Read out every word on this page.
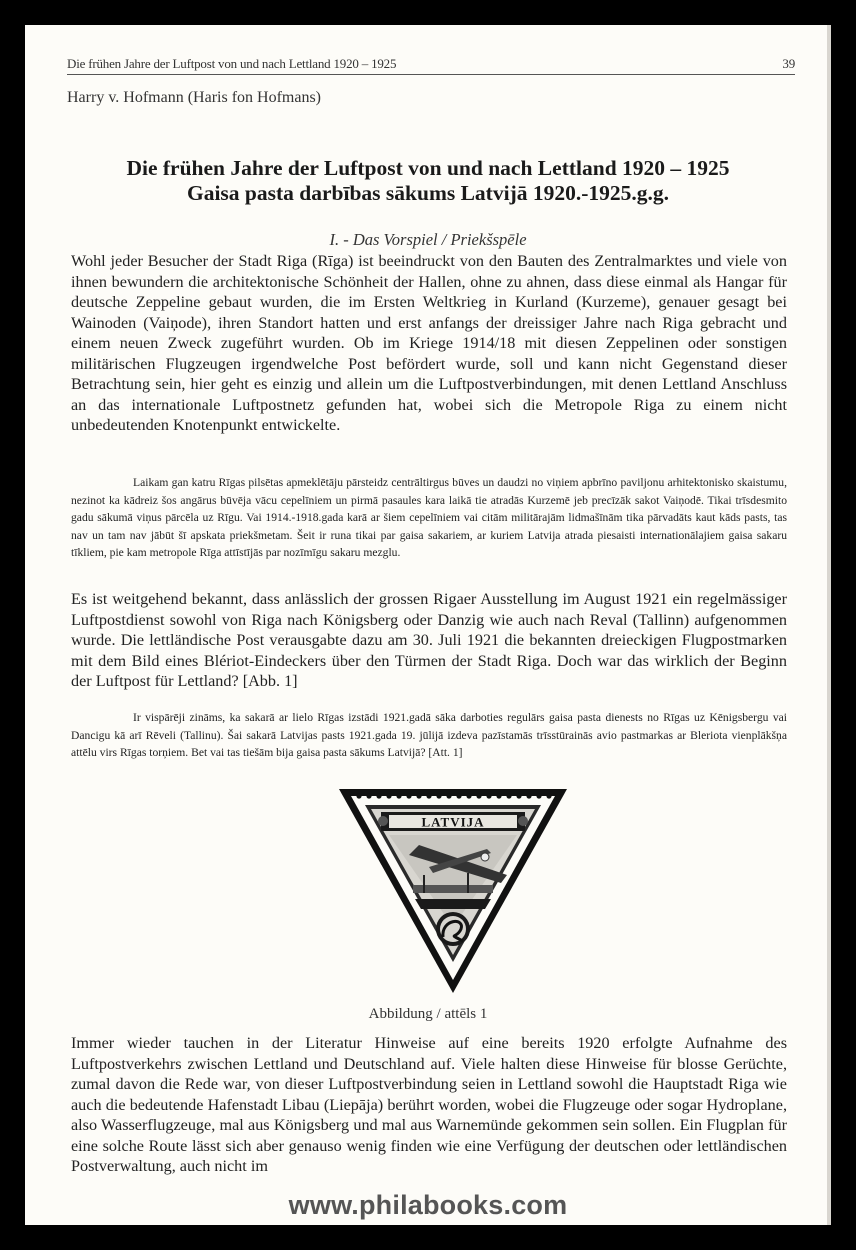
Die frühen Jahre der Luftpost von und nach Lettland 1920 – 1925	39
Harry v. Hofmann (Haris fon Hofmans)
Die frühen Jahre der Luftpost von und nach Lettland 1920 – 1925
Gaisa pasta darbības sākums Latvijā 1920.-1925.g.g.
I. - Das Vorspiel / Priekšspēle

Wohl jeder Besucher der Stadt Riga (Rīga) ist beeindruckt von den Bauten des Zentralmarktes und viele von ihnen bewundern die architektonische Schönheit der Hallen, ohne zu ahnen, dass diese einmal als Hangar für deutsche Zeppeline gebaut wurden, die im Ersten Weltkrieg in Kurland (Kurzeme), genauer gesagt bei Wainoden (Vaiņode), ihren Standort hatten und erst anfangs der dreissiger Jahre nach Riga gebracht und einem neuen Zweck zugeführt wurden. Ob im Kriege 1914/18 mit diesen Zeppelinen oder sonstigen militärischen Flugzeugen irgendwelche Post befördert wurde, soll und kann nicht Gegenstand dieser Betrachtung sein, hier geht es einzig und allein um die Luftpostverbindungen, mit denen Lettland Anschluss an das internationale Luftpostnetz gefunden hat, wobei sich die Metropole Riga zu einem nicht unbedeutenden Knotenpunkt entwickelte.

Laikam gan katru Rīgas pilsētas apmeklētāju pārsteidz centrāltirgus būves un daudzi no viņiem apbrīno paviljonu arhitektonisko skaistumu, nezinot ka kādreiz šos angārus būvēja vācu cepelīniem un pirmā pasaules kara laikā tie atradās Kurzemē jeb precīzāk sakot Vaiņodē. Tikai trīsdesmito gadu sākumā viņus pārcēla uz Rīgu. Vai 1914.-1918.gada karā ar šiem cepelīniem vai citām militārajām lidmašīnām tika pārvadāts kaut kāds pasts, tas nav un tam nav jābūt šī apskata priekšmetam. Šeit ir runa tikai par gaisa sakariem, ar kuriem Latvija atrada piesaisti internationālajiem gaisa sakaru tīkliem, pie kam metropole Rīga attīstījās par nozīmīgu sakaru mezglu.

Es ist weitgehend bekannt, dass anlässlich der grossen Rigaer Ausstellung im August 1921 ein regelmässiger Luftpostdienst sowohl von Riga nach Königsberg oder Danzig wie auch nach Reval (Tallinn) aufgenommen wurde. Die lettländische Post verausgabte dazu am 30. Juli 1921 die bekannten dreieckigen Flugpostmarken mit dem Bild eines Blériot-Eindeckers über den Türmen der Stadt Riga. Doch war das wirklich der Beginn der Luftpost für Lettland? [Abb. 1]

Ir vispārēji zināms, ka sakarā ar lielo Rīgas izstādi 1921.gadā sāka darboties regulārs gaisa pasta dienests no Rīgas uz Kēnigsbergu vai Dancigu kā arī Rēveli (Tallinu). Šai sakarā Latvijas pasts 1921.gada 19. jūlijā izdeva pazīstamās trīsstūrainās avio pastmarkas ar Bleriota vienplākšņa attēlu virs Rīgas torņiem. Bet vai tas tiešām bija gaisa pasta sākums Latvijā? [Att. 1]

LATVIJA
Abbildung / attēls 1

Immer wieder tauchen in der Literatur Hinweise auf eine bereits 1920 erfolgte Aufnahme des Luftpostverkehrs zwischen Lettland und Deutschland auf. Viele halten diese Hinweise für blosse Gerüchte, zumal davon die Rede war, von dieser Luftpostverbindung seien in Lettland sowohl die Hauptstadt Riga wie auch die bedeutende Hafenstadt Libau (Liepāja) berührt worden, wobei die Flugzeuge oder sogar Hydroplane, also Wasserflugzeuge, mal aus Königsberg und mal aus Warnemünde gekommen sein sollen. Ein Flugplan für eine solche Route lässt sich aber genauso wenig finden wie eine Verfügung der deutschen oder lettländischen Postverwaltung, auch nicht im

www.philabooks.com
